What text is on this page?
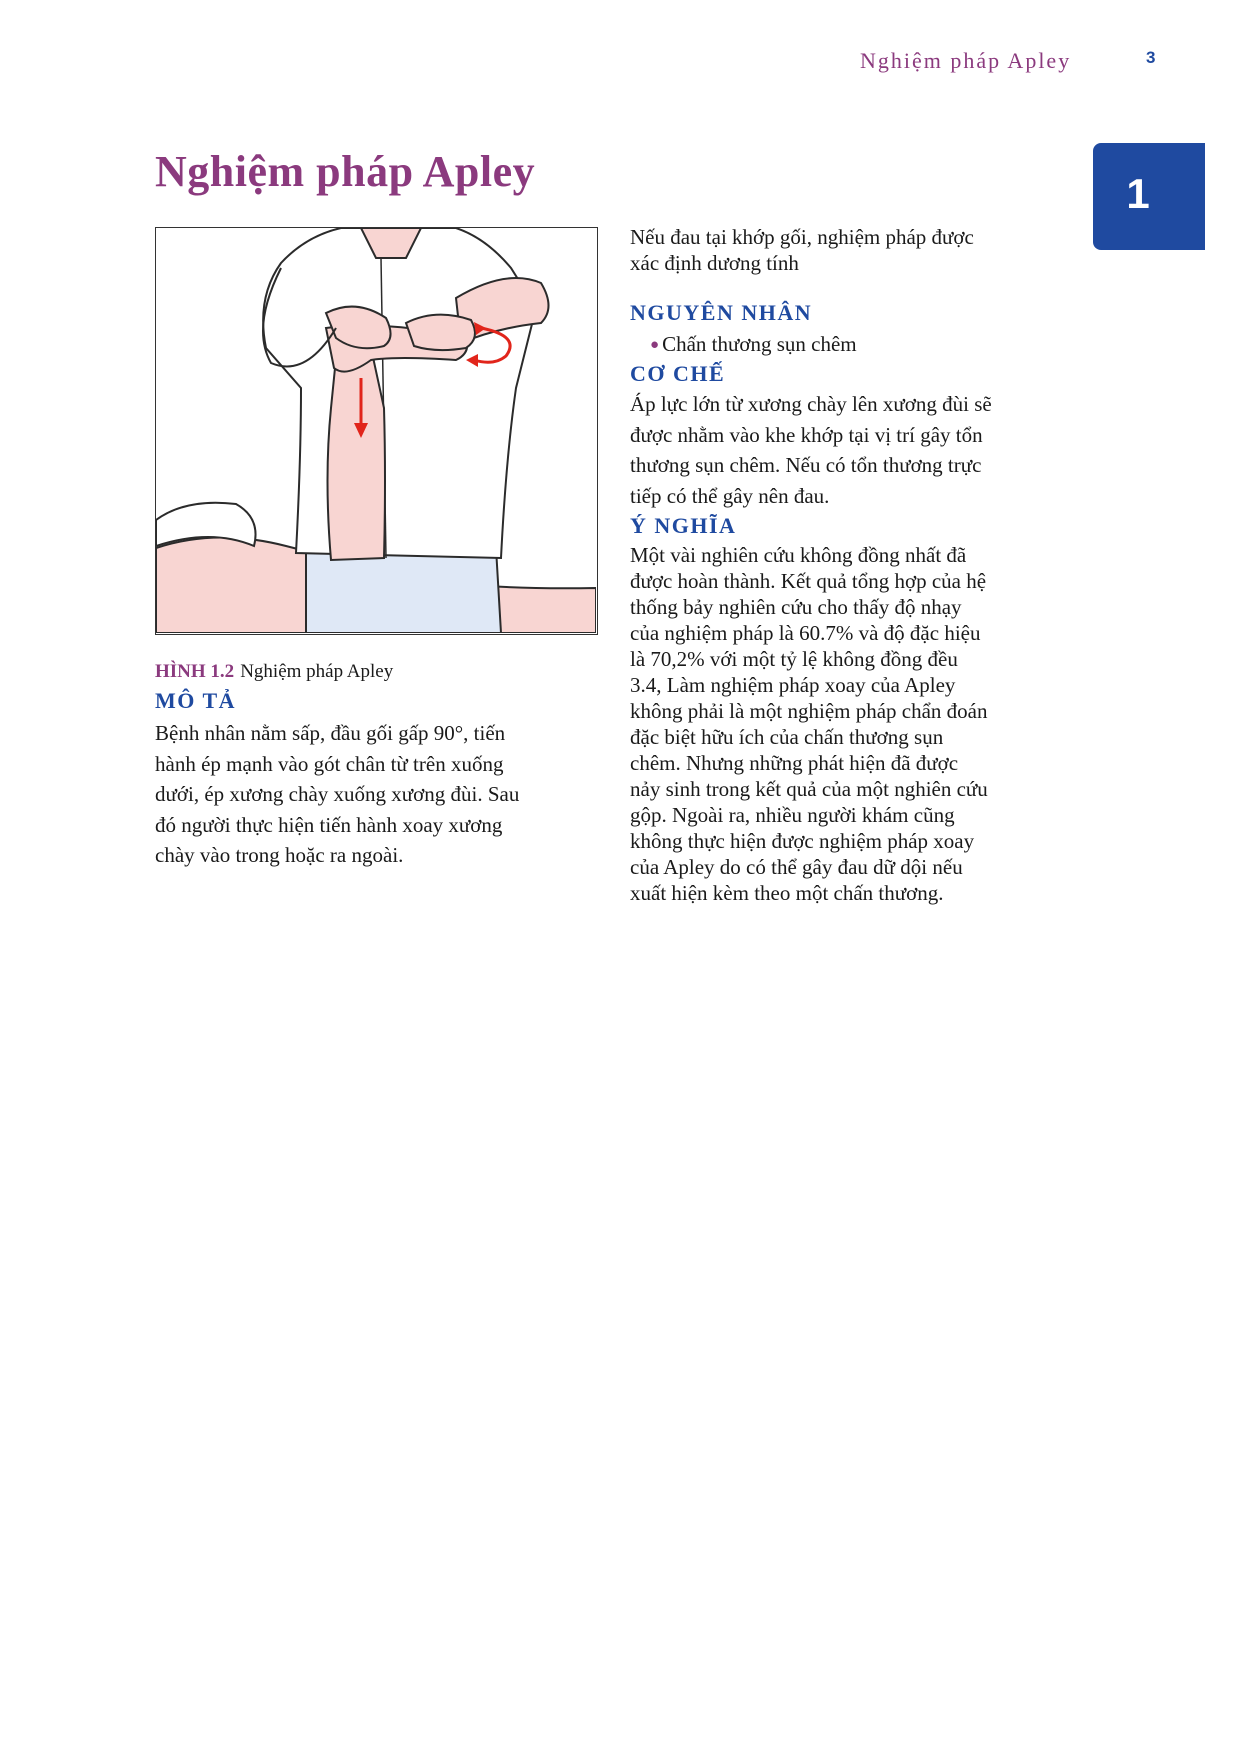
Nghiệm pháp Apley	3
1
Nghiệm pháp Apley
HÌNH 1.2 Nghiệm pháp Apley
MÔ TẢ

Bệnh nhân nằm sấp, đầu gối gấp 90°, tiến
hành ép mạnh vào gót chân từ trên xuống
dưới, ép xương chày xuống xương đùi. Sau
đó người thực hiện tiến hành xoay xương
chày vào trong hoặc ra ngoài.

Nếu đau tại khớp gối, nghiệm pháp được
xác định dương tính

NGUYÊN NHÂN

● Chấn thương sụn chêm

CƠ CHẾ

Áp lực lớn từ xương chày lên xương đùi sẽ
được nhằm vào khe khớp tại vị trí gây tổn
thương sụn chêm. Nếu có tổn thương trực
tiếp có thể gây nên đau.

Ý NGHĨA

Một vài nghiên cứu không đồng nhất đã
được hoàn thành. Kết quả tổng hợp của hệ
thống bảy nghiên cứu cho thấy độ nhạy
của nghiệm pháp là 60.7% và độ đặc hiệu
là 70,2% với một tỷ lệ không đồng đều
3.4, Làm nghiệm pháp xoay của Apley
không phải là một nghiệm pháp chẩn đoán
đặc biệt hữu ích của chấn thương sụn
chêm. Nhưng những phát hiện đã được
nảy sinh trong kết quả của một nghiên cứu
gộp. Ngoài ra, nhiều người khám cũng
không thực hiện được nghiệm pháp xoay
của Apley do có thể gây đau dữ dội nếu
xuất hiện kèm theo một chấn thương.
